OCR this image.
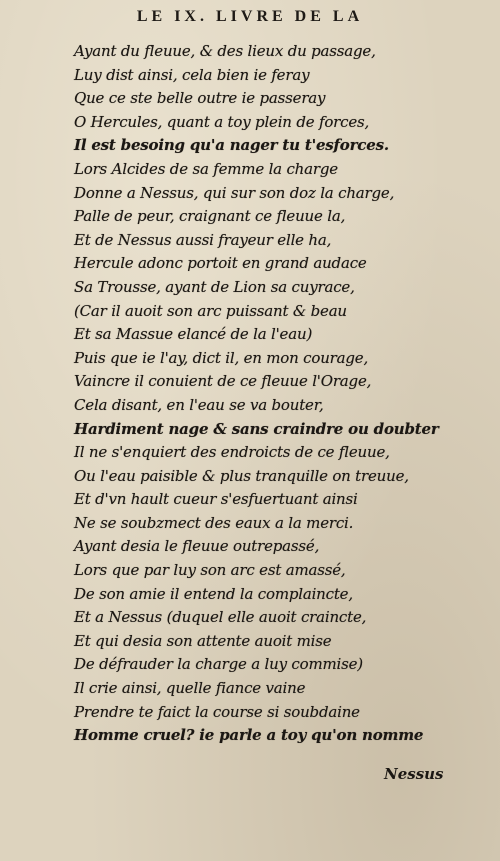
LE IX. LIVRE DE LA
Ayant du fleuue, & des lieux du passage,
Luy dist ainsi, cela bien ie feray
Que ce ste belle outre ie passeray
O Hercules, quant a toy plein de forces,
Il est besoing qu'a nager tu t'esforces.
Lors Alcides de sa femme la charge
Donne a Nessus, qui sur son doz la charge,
Palle de peur, craignant ce fleuue la,
Et de Nessus aussi frayeur elle ha,
Hercule adonc portoit en grand audace
Sa Trousse, ayant de Lion sa cuyrace,
(Car il auoit son arc puissant & beau
Et sa Massue elancé de la l'eau)
Puis que ie l'ay, dict il, en mon courage,
Vaincre il conuient de ce fleuue l'Orage,
Cela disant, en l'eau se va bouter,
Hardiment nage & sans craindre ou doubter
Il ne s'enquiert des endroicts de ce fleuue,
Ou l'eau paisible & plus tranquille on treuue,
Et d'vn hault cueur s'esfuertuant ainsi
Ne se soubzmect des eaux a la merci.
Ayant desia le fleuue outrepassé,
Lors que par luy son arc est amassé,
De son amie il entend la complaincte,
Et a Nessus (duquel elle auoit craincte,
Et qui desia son attente auoit mise
De défrauder la charge a luy commise)
Il crie ainsi, quelle fiance vaine
Prendre te faict la course si soubdaine
Homme cruel? ie parle a toy qu'on nomme
Nessus
